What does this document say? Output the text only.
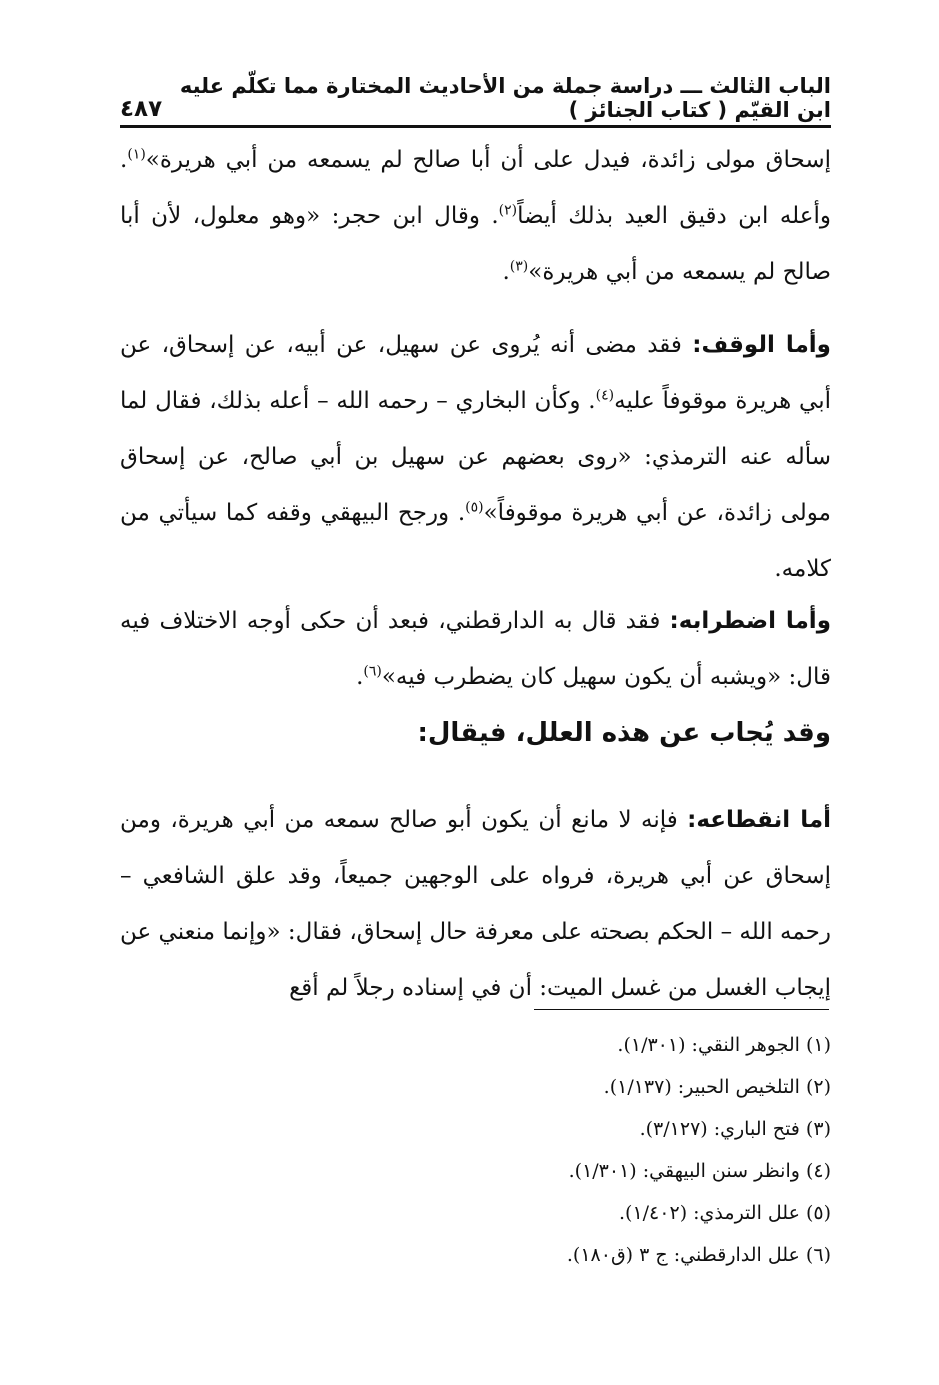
الباب الثالث ـــ دراسة جملة من الأحاديث المختارة مما تكلّم عليه ابن القيّم ( كتاب الجنائز )
٤٨٧

إسحاق مولى زائدة، فيدل على أن أبا صالح لم يسمعه من أبي هريرة»$^{(١)}$. وأعله ابن دقيق العيد بذلك أيضاً$^{(٢)}$. وقال ابن حجر: «وهو معلول، لأن أبا صالح لم يسمعه من أبي هريرة»$^{(٣)}$.

وأما الوقف: فقد مضى أنه يُروى عن سهيل، عن أبيه، عن إسحاق، عن أبي هريرة موقوفاً عليه$^{(٤)}$. وكأن البخاري – رحمه الله – أعله بذلك، فقال لما سأله عنه الترمذي: «روى بعضهم عن سهيل بن أبي صالح، عن إسحاق مولى زائدة، عن أبي هريرة موقوفاً»$^{(٥)}$. ورجح البيهقي وقفه كما سيأتي من كلامه.

وأما اضطرابه: فقد قال به الدارقطني، فبعد أن حكى أوجه الاختلاف فيه قال: «ويشبه أن يكون سهيل كان يضطرب فيه»$^{(٦)}$.

وقد يُجاب عن هذه العلل، فيقال:

أما انقطاعه: فإنه لا مانع أن يكون أبو صالح سمعه من أبي هريرة، ومن إسحاق عن أبي هريرة، فرواه على الوجهين جميعاً، وقد علق الشافعي – رحمه الله – الحكم بصحته على معرفة حال إسحاق، فقال: «وإنما منعني عن إيجاب الغسل من غسل الميت: أن في إسناده رجلاً لم أقع

(١) الجوهر النقي: (١/٣٠١).
(٢) التلخيص الحبير: (١/١٣٧).
(٣) فتح الباري: (٣/١٢٧).
(٤) وانظر سنن البيهقي: (١/٣٠١).
(٥) علل الترمذي: (١/٤٠٢).
(٦) علل الدارقطني: ج ٣ (ق١٨٠).
